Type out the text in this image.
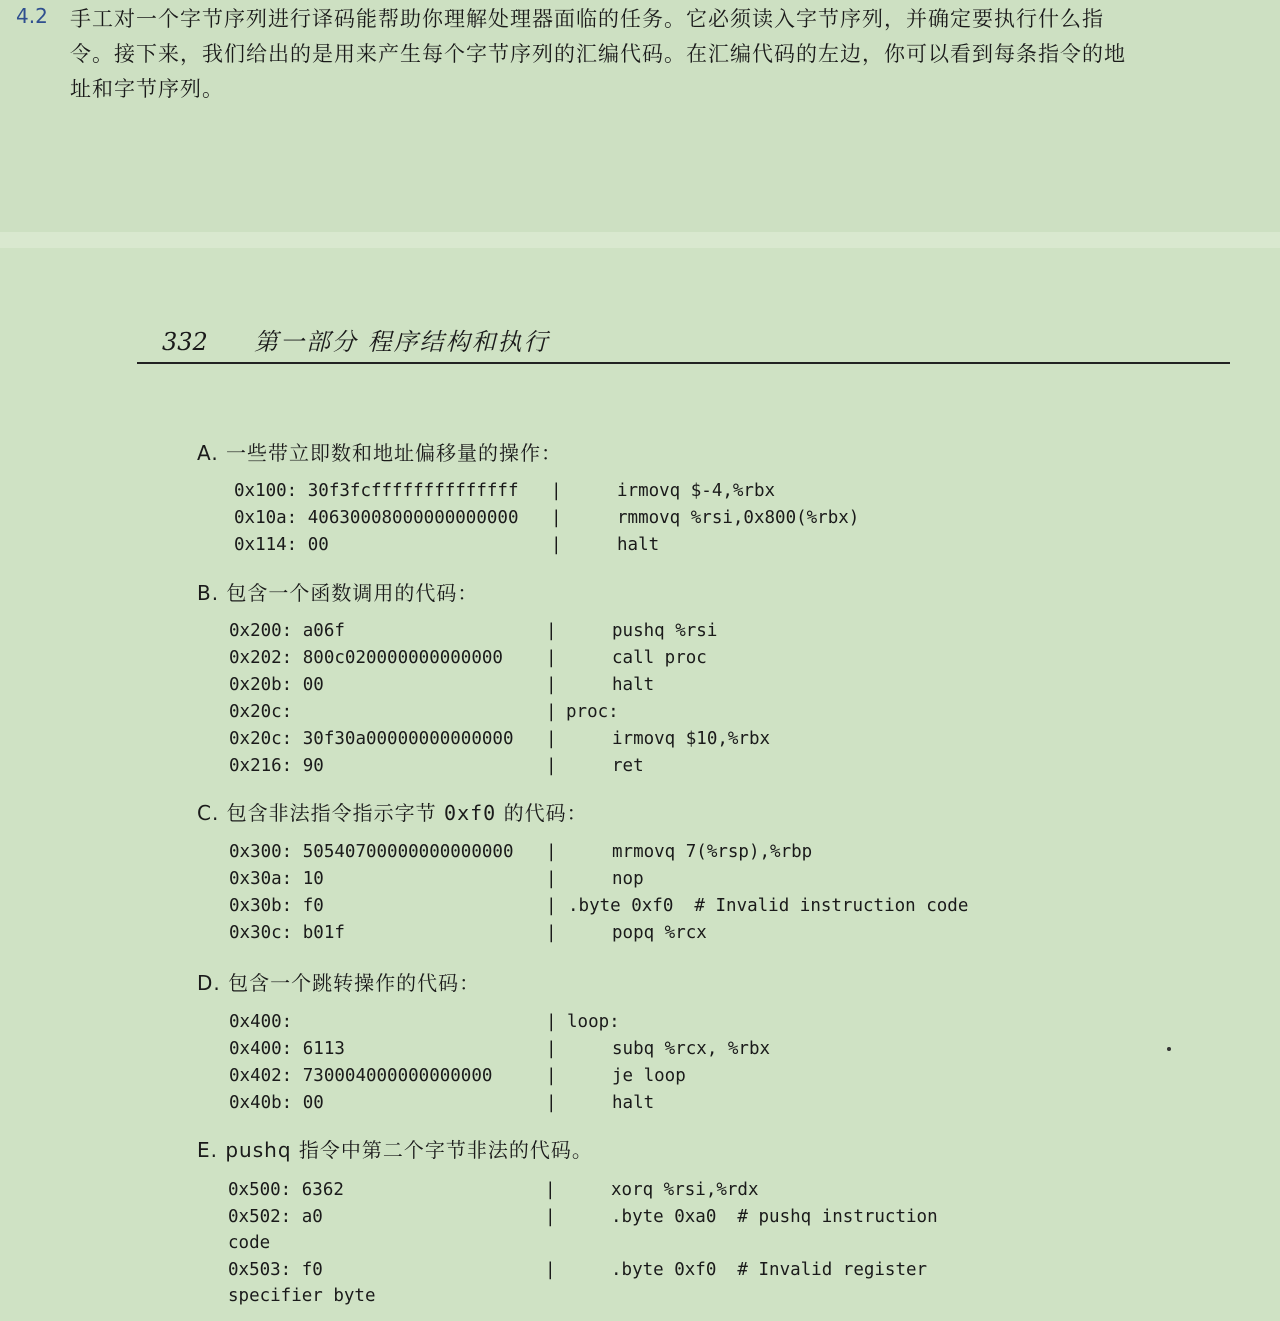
4.2 手工对一个字节序列进行译码能帮助你理解处理器面临的任务。它必须读入字节序列，并确定要执行什么指令。接下来，我们给出的是用来产生每个字节序列的汇编代码。在汇编代码的左边，你可以看到每条指令的地址和字节序列。

332 第一部分 程序结构和执行
A. 一些带立即数和地址偏移量的操作：
0x100: 30f3fcffffffffffffff |	irmovq $-4,%rbx
0x10a: 40630008000000000000 |	rmmovq %rsi,0x800(%rbx)
0x114: 00	|	halt
B. 包含一个函数调用的代码：
0x200: a06f	|	pushq %rsi
0x202: 800c020000000000000 |	call proc
0x20b: 00	|	halt
0x20c:	| proc:
0x20c: 30f30a00000000000000 |	irmovq $10,%rbx
0x216: 90	|	ret
C. 包含非法指令指示字节 0xf0 的代码：
0x300: 50540700000000000000 |	mrmovq 7(%rsp),%rbp
0x30a: 10	|	nop
0x30b: f0	| .byte 0xf0  # Invalid instruction code
0x30c: b01f	|	popq %rcx
D. 包含一个跳转操作的代码：
0x400:	| loop:
0x400: 6113	|	subq %rcx, %rbx
0x402: 730004000000000000	|	je loop
0x40b: 00	|	halt
E. pushq 指令中第二个字节非法的代码。
0x500: 6362	|	xorq %rsi,%rdx
0x502: a0	|	.byte 0xa0  # pushq instruction
code
0x503: f0	|	.byte 0xf0  # Invalid register
specifier byte
